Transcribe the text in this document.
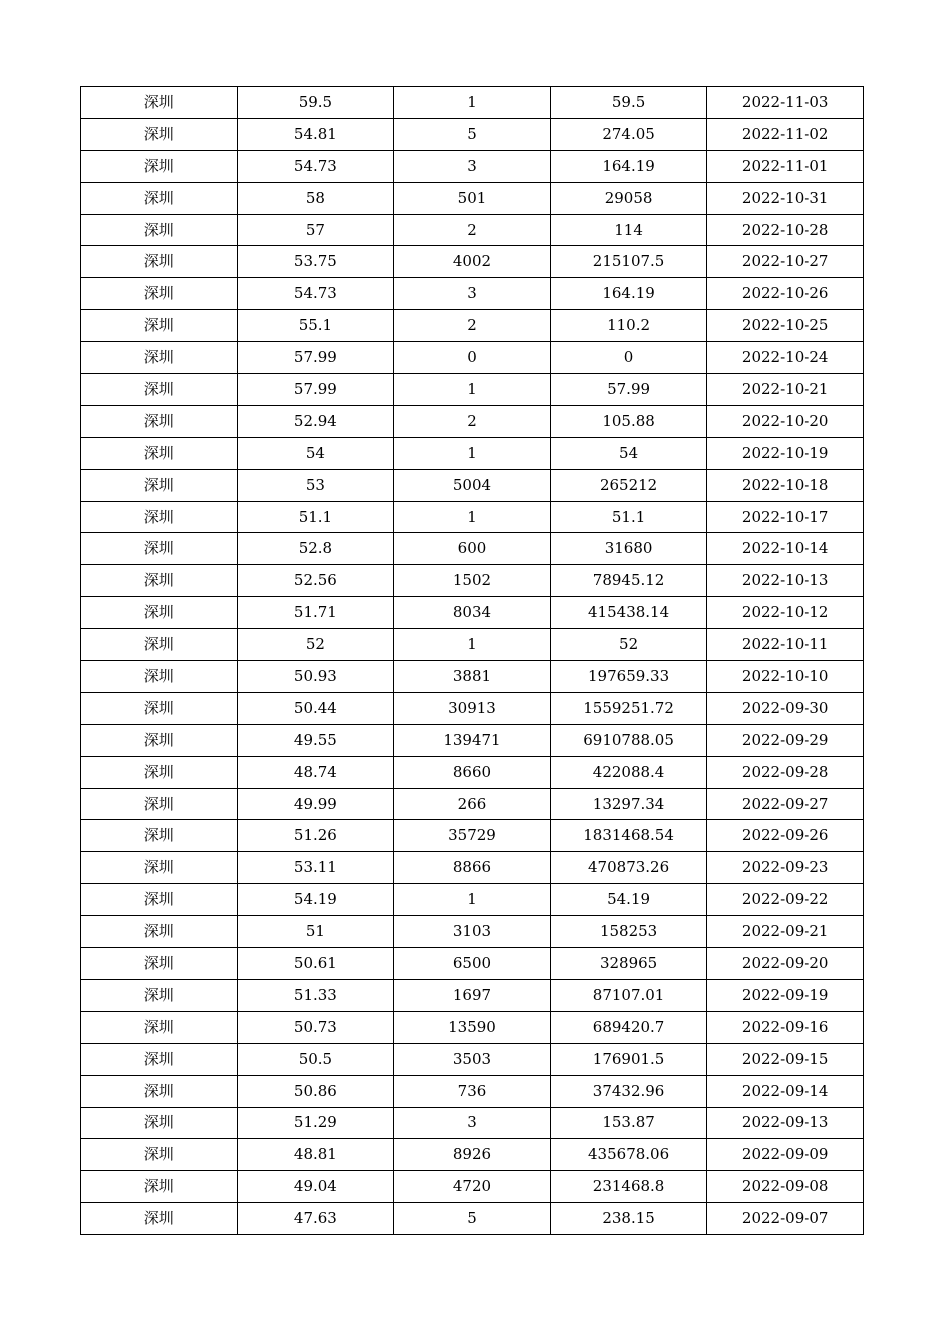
深圳	59.5	1	59.5	2022-11-03
深圳	54.81	5	274.05	2022-11-02
深圳	54.73	3	164.19	2022-11-01
深圳	58	501	29058	2022-10-31
深圳	57	2	114	2022-10-28
深圳	53.75	4002	215107.5	2022-10-27
深圳	54.73	3	164.19	2022-10-26
深圳	55.1	2	110.2	2022-10-25
深圳	57.99	0	0	2022-10-24
深圳	57.99	1	57.99	2022-10-21
深圳	52.94	2	105.88	2022-10-20
深圳	54	1	54	2022-10-19
深圳	53	5004	265212	2022-10-18
深圳	51.1	1	51.1	2022-10-17
深圳	52.8	600	31680	2022-10-14
深圳	52.56	1502	78945.12	2022-10-13
深圳	51.71	8034	415438.14	2022-10-12
深圳	52	1	52	2022-10-11
深圳	50.93	3881	197659.33	2022-10-10
深圳	50.44	30913	1559251.72	2022-09-30
深圳	49.55	139471	6910788.05	2022-09-29
深圳	48.74	8660	422088.4	2022-09-28
深圳	49.99	266	13297.34	2022-09-27
深圳	51.26	35729	1831468.54	2022-09-26
深圳	53.11	8866	470873.26	2022-09-23
深圳	54.19	1	54.19	2022-09-22
深圳	51	3103	158253	2022-09-21
深圳	50.61	6500	328965	2022-09-20
深圳	51.33	1697	87107.01	2022-09-19
深圳	50.73	13590	689420.7	2022-09-16
深圳	50.5	3503	176901.5	2022-09-15
深圳	50.86	736	37432.96	2022-09-14
深圳	51.29	3	153.87	2022-09-13
深圳	48.81	8926	435678.06	2022-09-09
深圳	49.04	4720	231468.8	2022-09-08
深圳	47.63	5	238.15	2022-09-07
